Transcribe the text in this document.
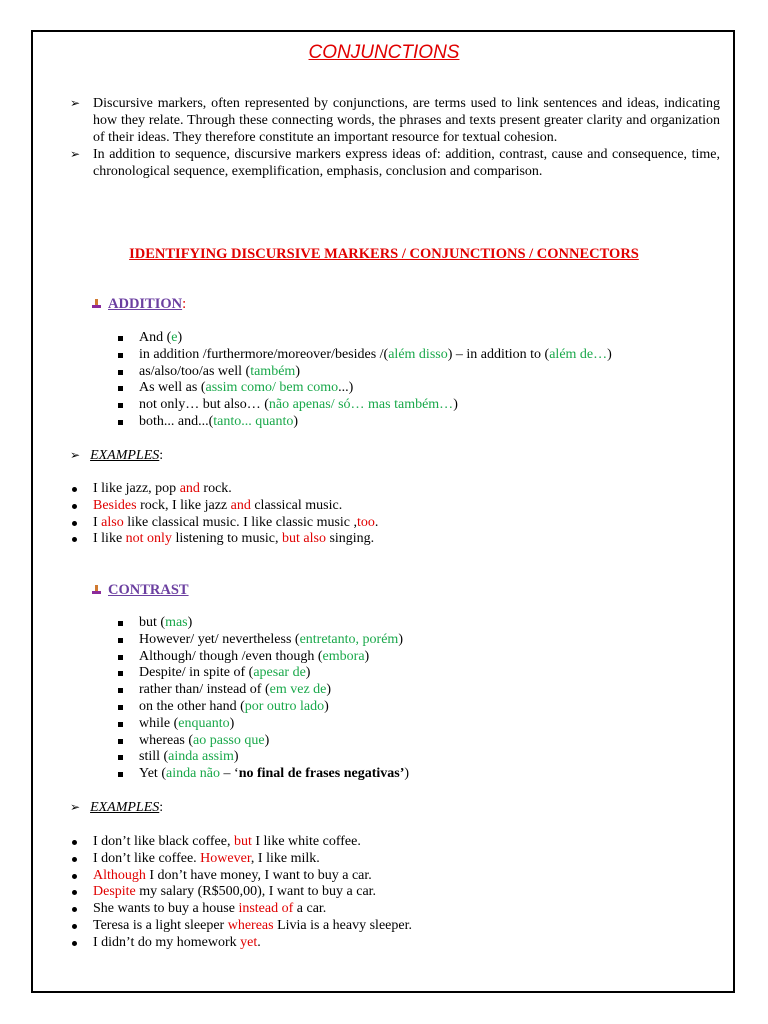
CONJUNCTIONS
➢ Discursive markers, often represented by conjunctions, are terms used to link sentences and ideas, indicating how they relate. Through these connecting words, the phrases and texts present greater clarity and organization of their ideas. They therefore constitute an important resource for textual cohesion.
➢ In addition to sequence, discursive markers express ideas of: addition, contrast, cause and consequence, time, chronological sequence, exemplification, emphasis, conclusion and comparison.
IDENTIFYING DISCURSIVE MARKERS / CONJUNCTIONS / CONNECTORS
ADDITION:
And (e)
in addition /furthermore/moreover/besides /(além disso) – in addition to (além de…)
as/also/too/as well (também)
As well as (assim como/ bem como...)
not only… but also… (não apenas/ só… mas também…)
both... and...(tanto... quanto)
➢ EXAMPLES:
I like jazz, pop and rock.
Besides rock, I like jazz and classical music.
I also like classical music. I like classic music ,too.
I like not only listening to music, but also singing.
CONTRAST
but (mas)
However/ yet/ nevertheless (entretanto, porém)
Although/ though /even though (embora)
Despite/ in spite of (apesar de)
rather than/ instead of (em vez de)
on the other hand (por outro lado)
while (enquanto)
whereas (ao passo que)
still (ainda assim)
Yet (ainda não – ‘no final de frases negativas’)
➢ EXAMPLES:
I don’t like black coffee, but I like white coffee.
I don’t like coffee. However, I like milk.
Although I don’t have money, I want to buy a car.
Despite my salary (R$500,00), I want to buy a car.
She wants to buy a house instead of a car.
Teresa is a light sleeper whereas Livia is a heavy sleeper.
I didn’t do my homework yet.
